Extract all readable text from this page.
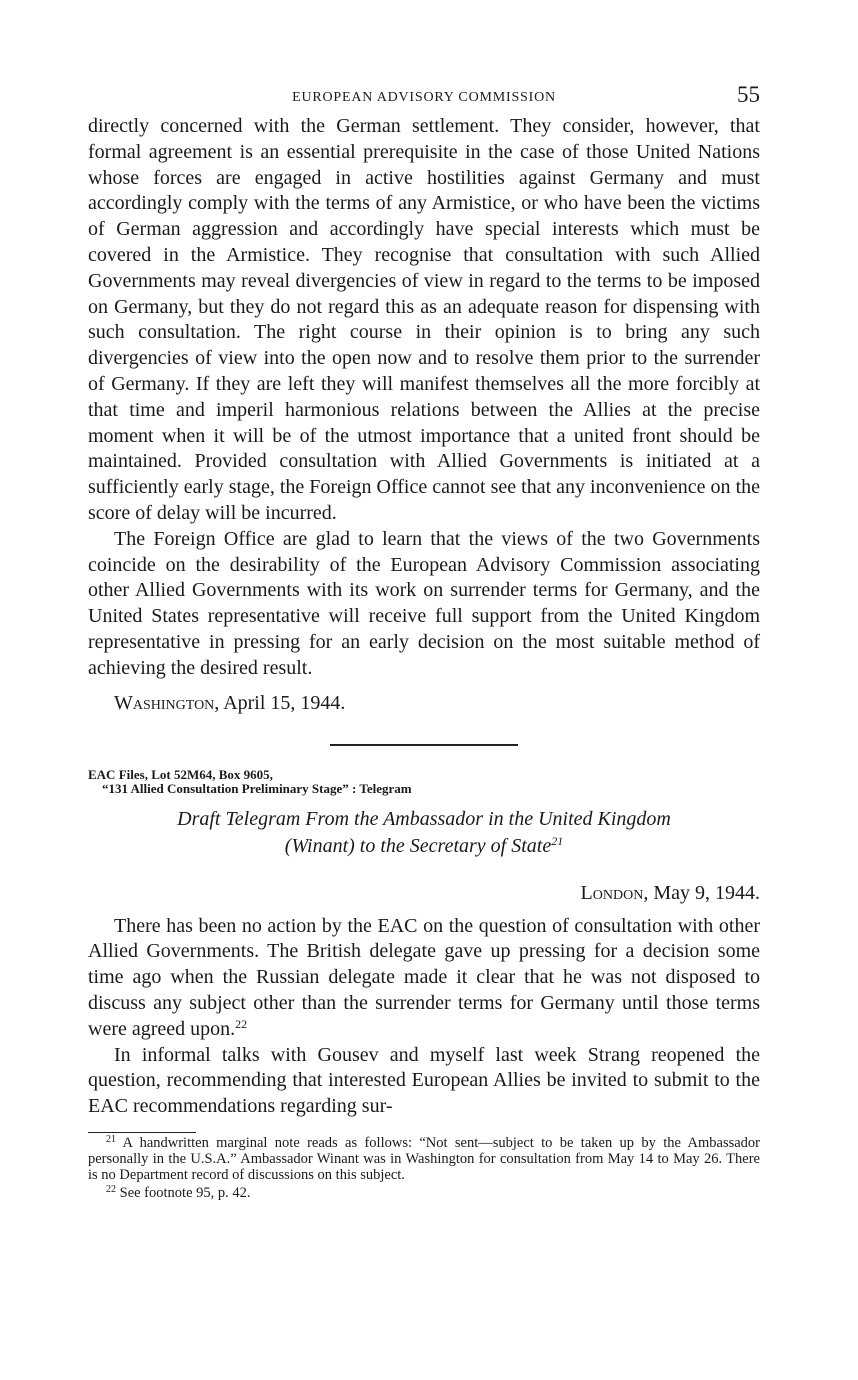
EUROPEAN ADVISORY COMMISSION	55

directly concerned with the German settlement. They consider, however, that formal agreement is an essential prerequisite in the case of those United Nations whose forces are engaged in active hostilities against Germany and must accordingly comply with the terms of any Armistice, or who have been the victims of German aggression and accordingly have special interests which must be covered in the Armistice. They recognise that consultation with such Allied Governments may reveal divergencies of view in regard to the terms to be imposed on Germany, but they do not regard this as an adequate reason for dispensing with such consultation. The right course in their opinion is to bring any such divergencies of view into the open now and to resolve them prior to the surrender of Germany. If they are left they will manifest themselves all the more forcibly at that time and imperil harmonious relations between the Allies at the precise moment when it will be of the utmost importance that a united front should be maintained. Provided consultation with Allied Governments is initiated at a sufficiently early stage, the Foreign Office cannot see that any inconvenience on the score of delay will be incurred.

The Foreign Office are glad to learn that the views of the two Governments coincide on the desirability of the European Advisory Commission associating other Allied Governments with its work on surrender terms for Germany, and the United States representative will receive full support from the United Kingdom representative in pressing for an early decision on the most suitable method of achieving the desired result.

Washington, April 15, 1944.
EAC Files, Lot 52M64, Box 9605,
“131 Allied Consultation Preliminary Stage” : Telegram
Draft Telegram From the Ambassador in the United Kingdom
(Winant) to the Secretary of State$^{21}$
London, May 9, 1944.

There has been no action by the EAC on the question of consultation with other Allied Governments. The British delegate gave up pressing for a decision some time ago when the Russian delegate made it clear that he was not disposed to discuss any subject other than the surrender terms for Germany until those terms were agreed upon.$^{22}$

In informal talks with Gousev and myself last week Strang reopened the question, recommending that interested European Allies be invited to submit to the EAC recommendations regarding sur-

$^{21}$ A handwritten marginal note reads as follows: “Not sent—subject to be taken up by the Ambassador personally in the U.S.A.” Ambassador Winant was in Washington for consultation from May 14 to May 26. There is no Department record of discussions on this subject.

$^{22}$ See footnote 95, p. 42.
